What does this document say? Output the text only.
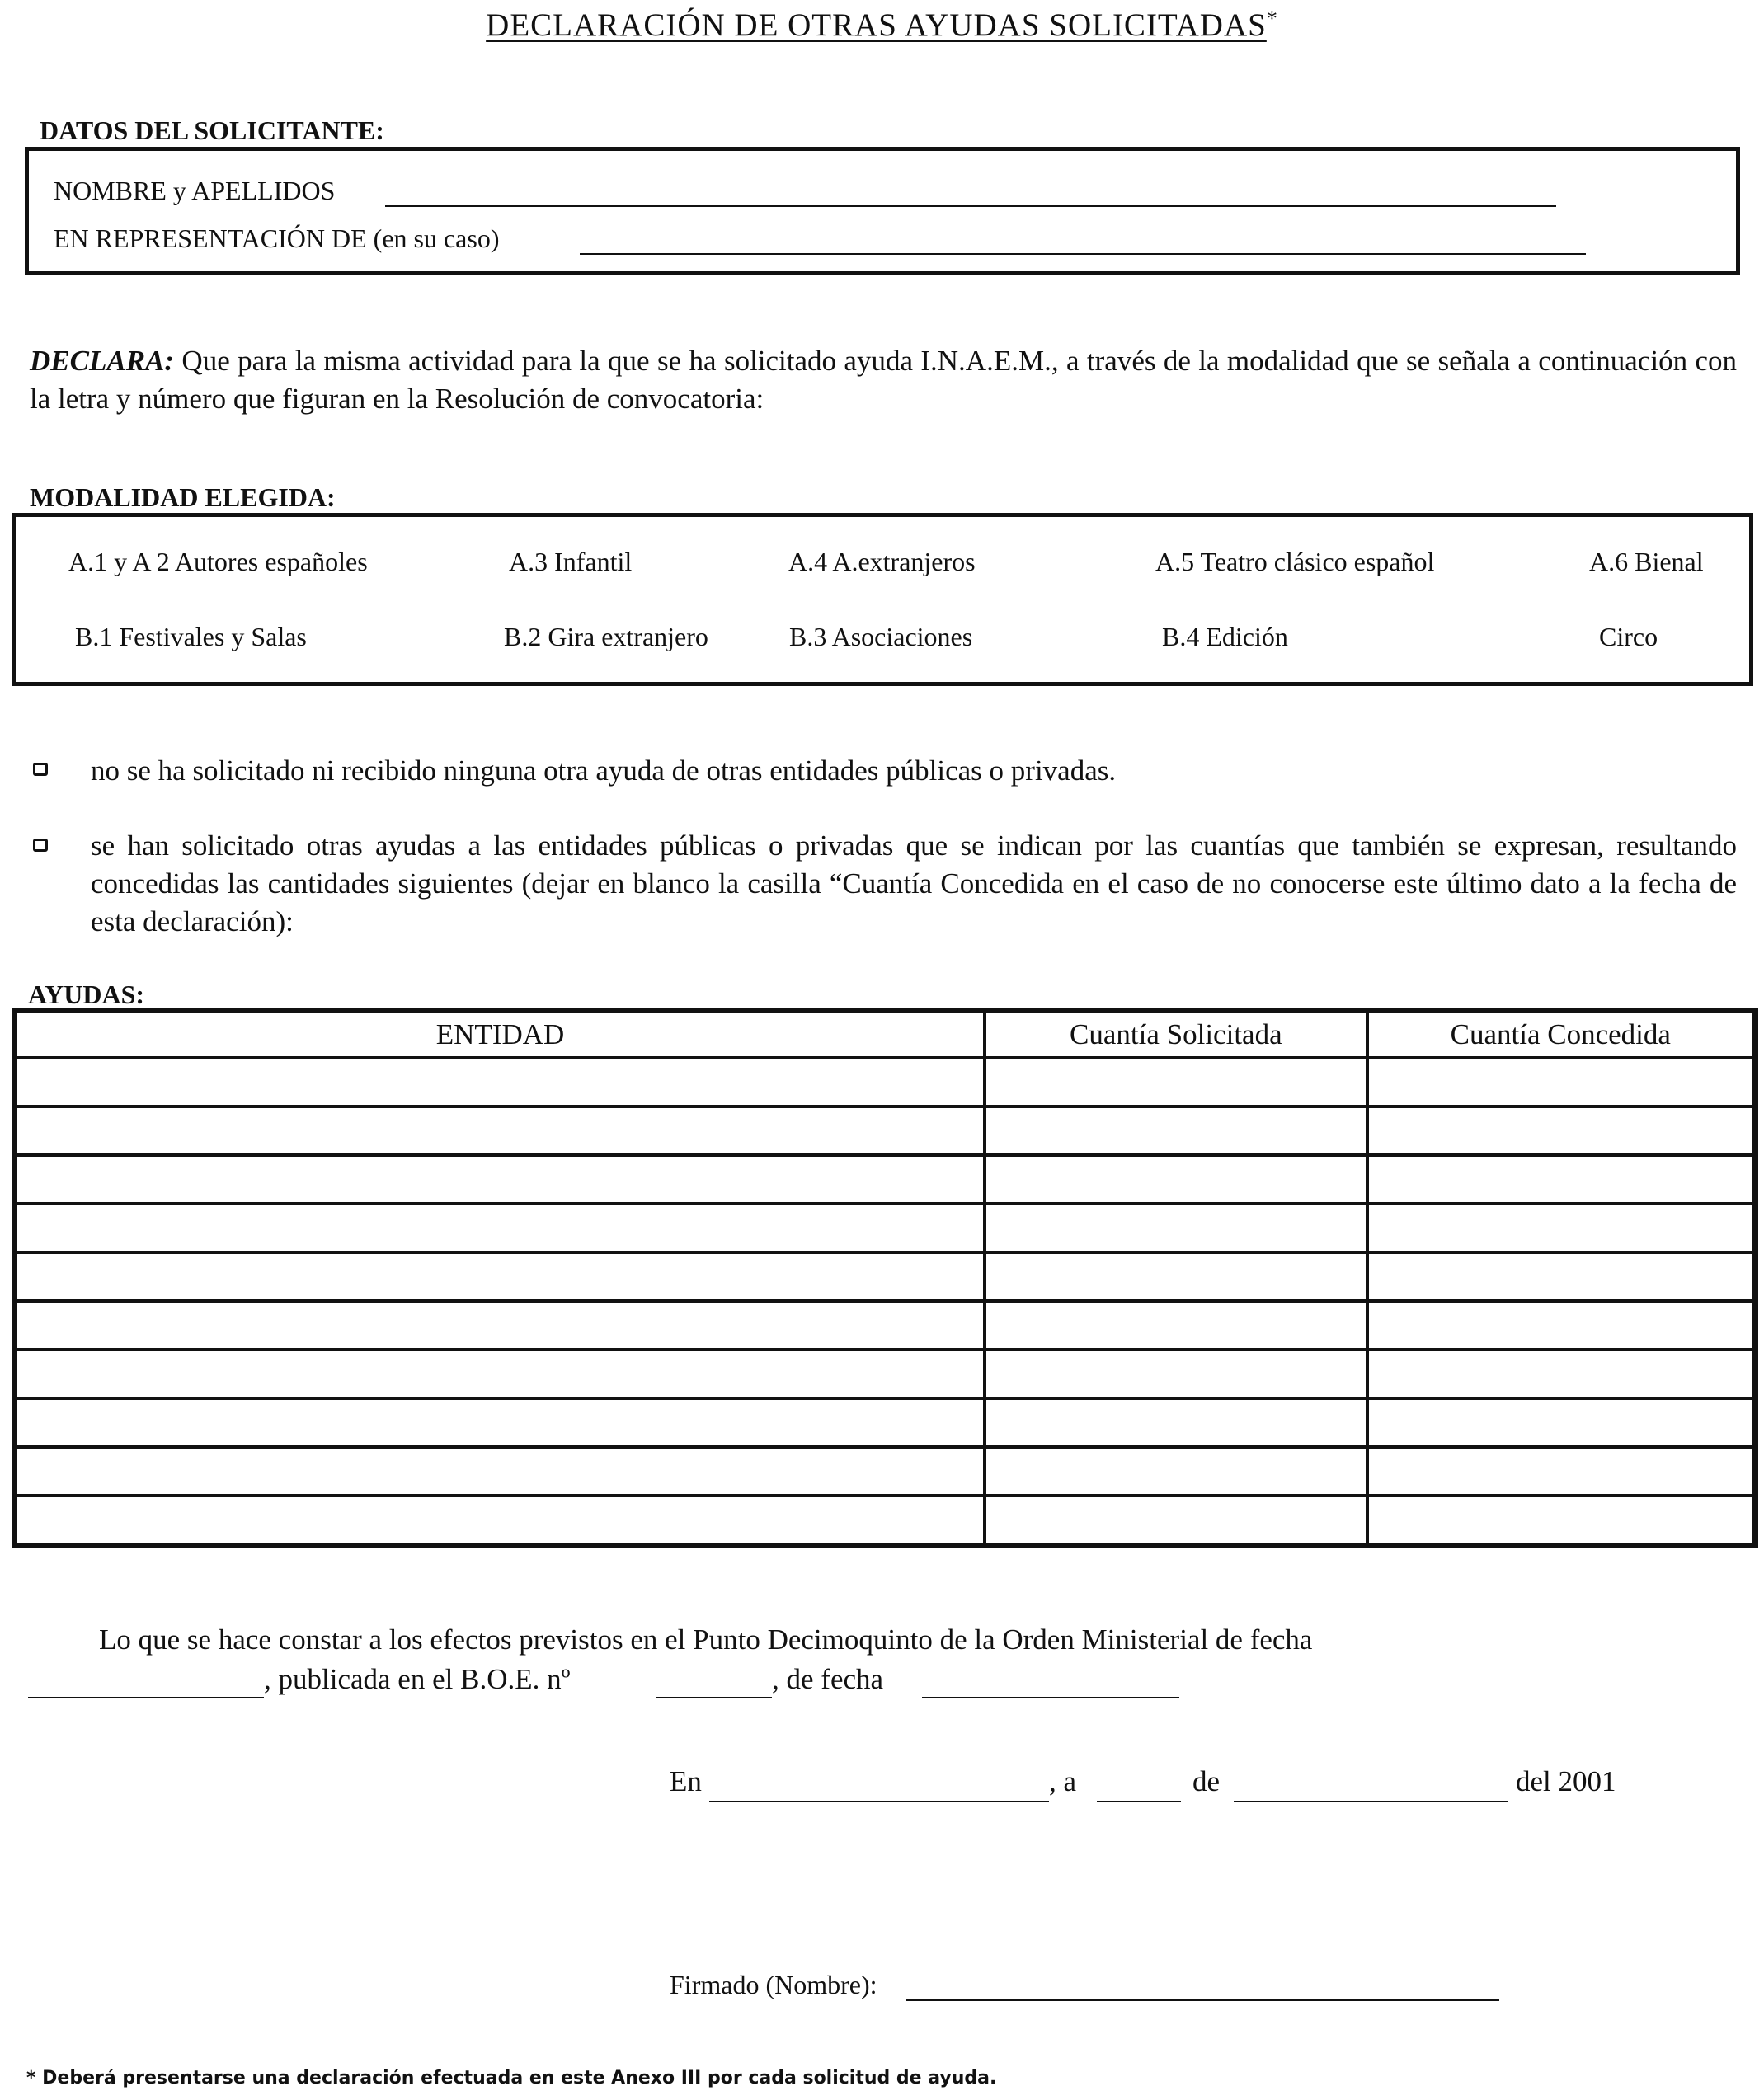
DECLARACIÓN DE OTRAS AYUDAS SOLICITADAS*
DATOS DEL SOLICITANTE:
NOMBRE y APELLIDOS
EN REPRESENTACIÓN DE (en su caso)
DECLARA: Que para la misma actividad para la que se ha solicitado ayuda I.N.A.E.M., a través de la modalidad que se señala a continuación con la letra y número que figuran en la Resolución de convocatoria:
MODALIDAD ELEGIDA:
A.1 y A 2 Autores españoles	A.3 Infantil	A.4 A.extranjeros	A.5 Teatro clásico español	A.6 Bienal
B.1 Festivales y Salas	B.2 Gira extranjero	B.3 Asociaciones	B.4 Edición	Circo
no se ha solicitado ni recibido ninguna otra ayuda de otras entidades públicas o privadas.
se han solicitado otras ayudas a las entidades públicas o privadas que se indican por las cuantías que también se expresan, resultando concedidas las cantidades siguientes (dejar en blanco la casilla “Cuantía Concedida en el caso de no conocerse este último dato a la fecha de esta declaración):
AYUDAS:
ENTIDAD	Cuantía Solicitada	Cuantía Concedida

Lo que se hace constar a los efectos previstos en el Punto Decimoquinto de la Orden Ministerial de fecha
, publicada en el B.O.E. nº	, de fecha
En	, a	de	del 2001
Firmado (Nombre):
* Deberá presentarse una declaración efectuada en este Anexo III por cada solicitud de ayuda.
